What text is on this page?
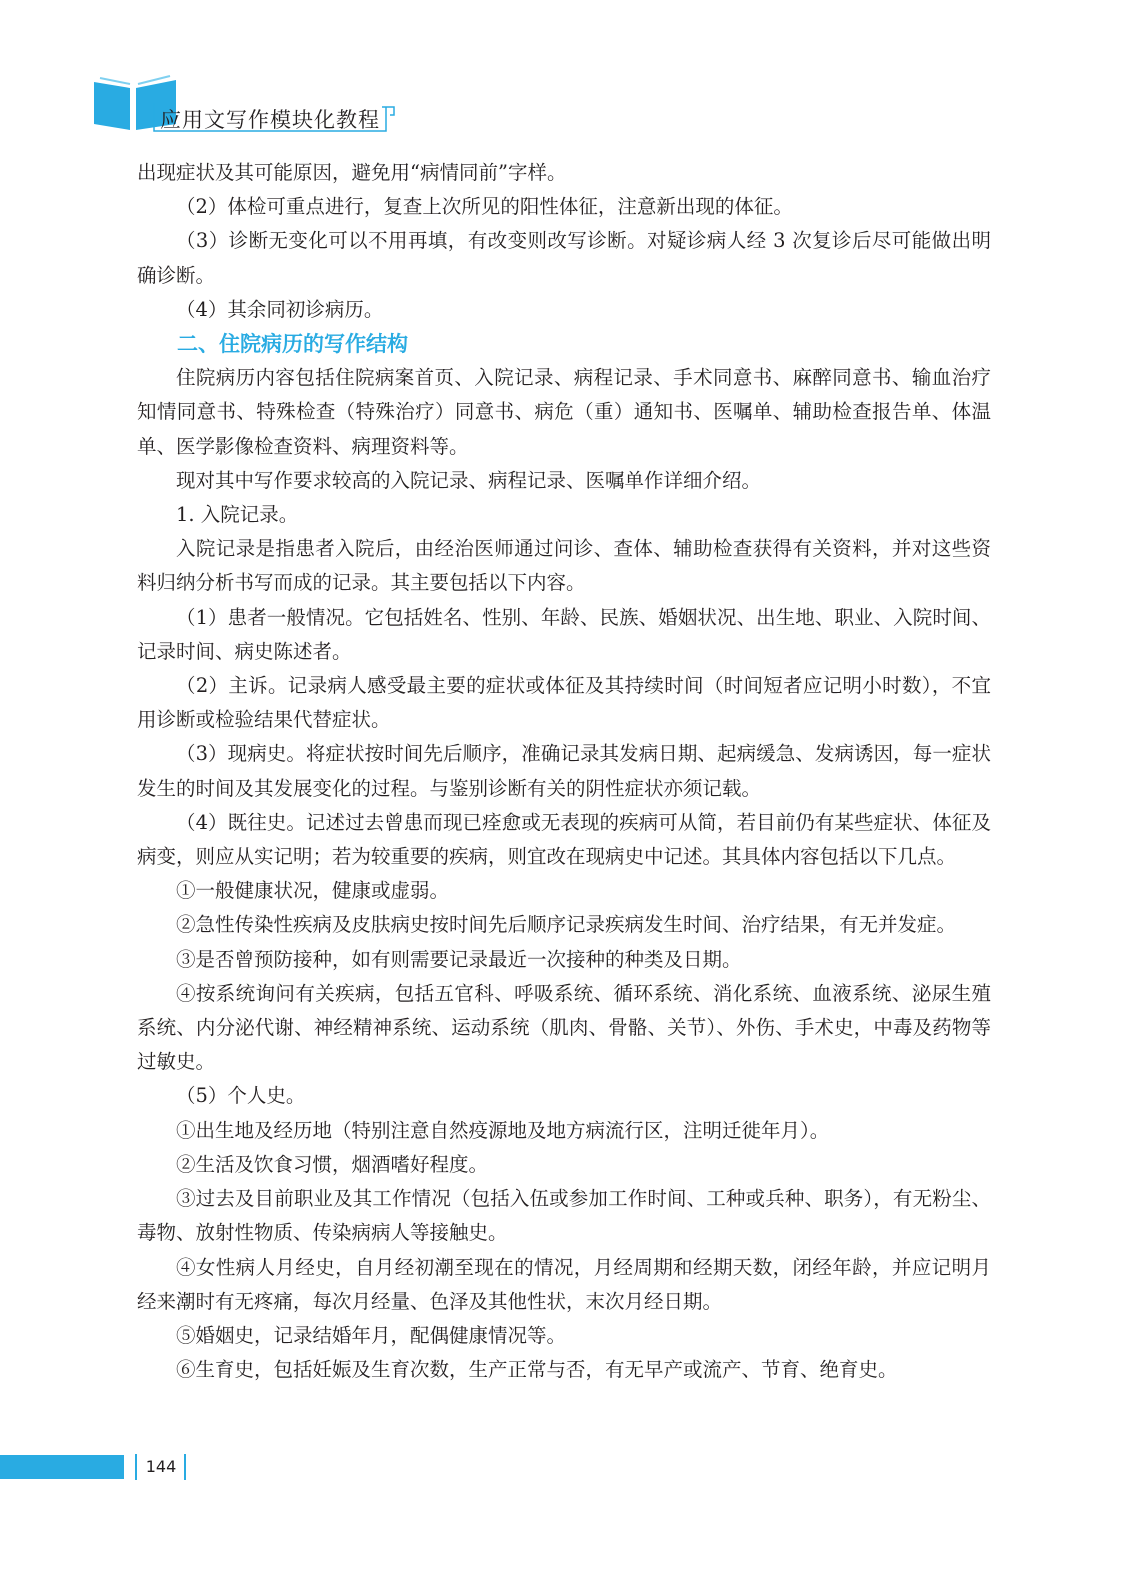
应用文写作模块化教程

出现症状及其可能原因，避免用“病情同前”字样。

（2）体检可重点进行，复查上次所见的阳性体征，注意新出现的体征。

（3）诊断无变化可以不用再填，有改变则改写诊断。对疑诊病人经 3 次复诊后尽可能做出明确诊断。

（4）其余同初诊病历。

二、住院病历的写作结构

住院病历内容包括住院病案首页、入院记录、病程记录、手术同意书、麻醉同意书、输血治疗知情同意书、特殊检查（特殊治疗）同意书、病危（重）通知书、医嘱单、辅助检查报告单、体温单、医学影像检查资料、病理资料等。

现对其中写作要求较高的入院记录、病程记录、医嘱单作详细介绍。

1. 入院记录。

入院记录是指患者入院后，由经治医师通过问诊、查体、辅助检查获得有关资料，并对这些资料归纳分析书写而成的记录。其主要包括以下内容。

（1）患者一般情况。它包括姓名、性别、年龄、民族、婚姻状况、出生地、职业、入院时间、记录时间、病史陈述者。

（2）主诉。记录病人感受最主要的症状或体征及其持续时间（时间短者应记明小时数），不宜用诊断或检验结果代替症状。

（3）现病史。将症状按时间先后顺序，准确记录其发病日期、起病缓急、发病诱因，每一症状发生的时间及其发展变化的过程。与鉴别诊断有关的阴性症状亦须记载。

（4）既往史。记述过去曾患而现已痊愈或无表现的疾病可从简，若目前仍有某些症状、体征及病变，则应从实记明；若为较重要的疾病，则宜改在现病史中记述。其具体内容包括以下几点。

①一般健康状况，健康或虚弱。

②急性传染性疾病及皮肤病史按时间先后顺序记录疾病发生时间、治疗结果，有无并发症。

③是否曾预防接种，如有则需要记录最近一次接种的种类及日期。

④按系统询问有关疾病，包括五官科、呼吸系统、循环系统、消化系统、血液系统、泌尿生殖系统、内分泌代谢、神经精神系统、运动系统（肌肉、骨骼、关节）、外伤、手术史，中毒及药物等过敏史。

（5）个人史。

①出生地及经历地（特别注意自然疫源地及地方病流行区，注明迁徙年月）。

②生活及饮食习惯，烟酒嗜好程度。

③过去及目前职业及其工作情况（包括入伍或参加工作时间、工种或兵种、职务），有无粉尘、毒物、放射性物质、传染病病人等接触史。

④女性病人月经史，自月经初潮至现在的情况，月经周期和经期天数，闭经年龄，并应记明月经来潮时有无疼痛，每次月经量、色泽及其他性状，末次月经日期。

⑤婚姻史，记录结婚年月，配偶健康情况等。

⑥生育史，包括妊娠及生育次数，生产正常与否，有无早产或流产、节育、绝育史。

144
